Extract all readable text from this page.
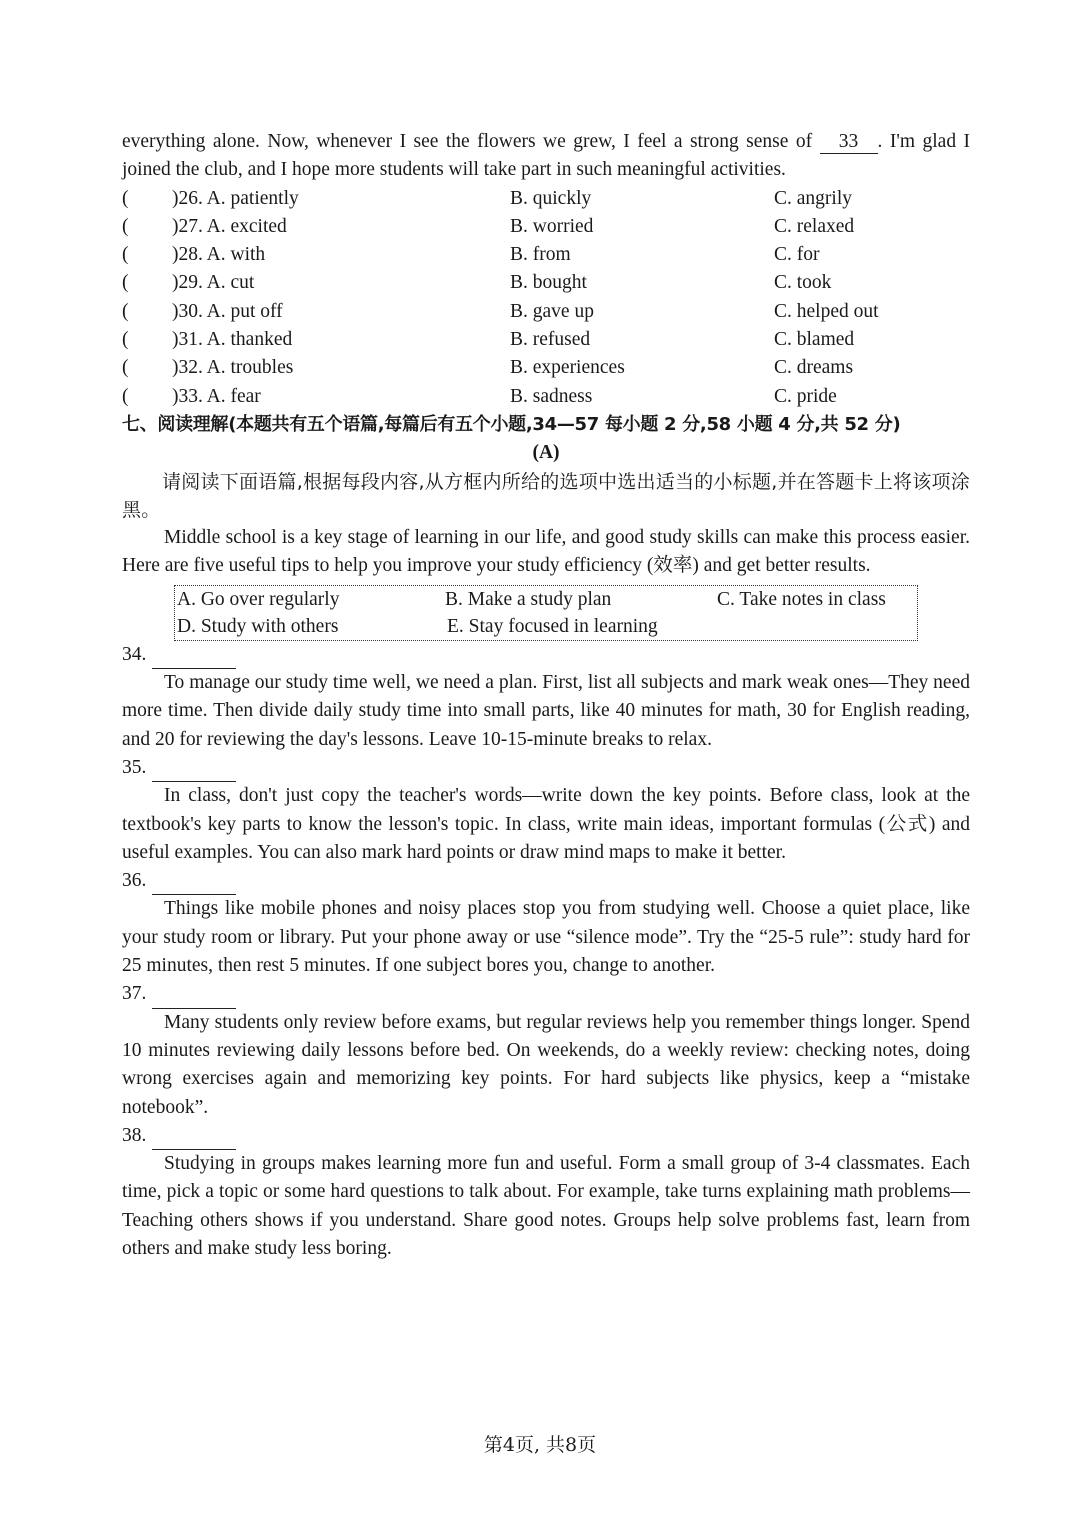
everything alone. Now, whenever I see the flowers we grew, I feel a strong sense of 33 . I'm glad I joined the club, and I hope more students will take part in such meaningful activities.

(	)26. A. patiently	B. quickly	C. angrily
(	)27. A. excited	B. worried	C. relaxed
(	)28. A. with	B. from	C. for
(	)29. A. cut	B. bought	C. took
(	)30. A. put off	B. gave up	C. helped out
(	)31. A. thanked	B. refused	C. blamed
(	)32. A. troubles	B. experiences	C. dreams
(	)33. A. fear	B. sadness	C. pride
七、阅读理解(本题共有五个语篇,每篇后有五个小题,34—57 每小题 2 分,58 小题 4 分,共 52 分)
(A)

请阅读下面语篇,根据每段内容,从方框内所给的选项中选出适当的小标题,并在答题卡上将该项涂黑。

Middle school is a key stage of learning in our life, and good study skills can make this process easier. Here are five useful tips to help you improve your study efficiency (效率) and get better results.

A. Go over regularly	B. Make a study plan	C. Take notes in class
D. Study with others	E. Stay focused in learning
34.

To manage our study time well, we need a plan. First, list all subjects and mark weak ones—They need more time. Then divide daily study time into small parts, like 40 minutes for math, 30 for English reading, and 20 for reviewing the day's lessons. Leave 10-15-minute breaks to relax.

35.

In class, don't just copy the teacher's words—write down the key points. Before class, look at the textbook's key parts to know the lesson's topic. In class, write main ideas, important formulas (公式) and useful examples. You can also mark hard points or draw mind maps to make it better.

36.

Things like mobile phones and noisy places stop you from studying well. Choose a quiet place, like your study room or library. Put your phone away or use “silence mode”. Try the “25-5 rule”: study hard for 25 minutes, then rest 5 minutes. If one subject bores you, change to another.

37.

Many students only review before exams, but regular reviews help you remember things longer. Spend 10 minutes reviewing daily lessons before bed. On weekends, do a weekly review: checking notes, doing wrong exercises again and memorizing key points. For hard subjects like physics, keep a “mistake notebook”.

38.

Studying in groups makes learning more fun and useful. Form a small group of 3-4 classmates. Each time, pick a topic or some hard questions to talk about. For example, take turns explaining math problems—Teaching others shows if you understand. Share good notes. Groups help solve problems fast, learn from others and make study less boring.

第4页, 共8页
